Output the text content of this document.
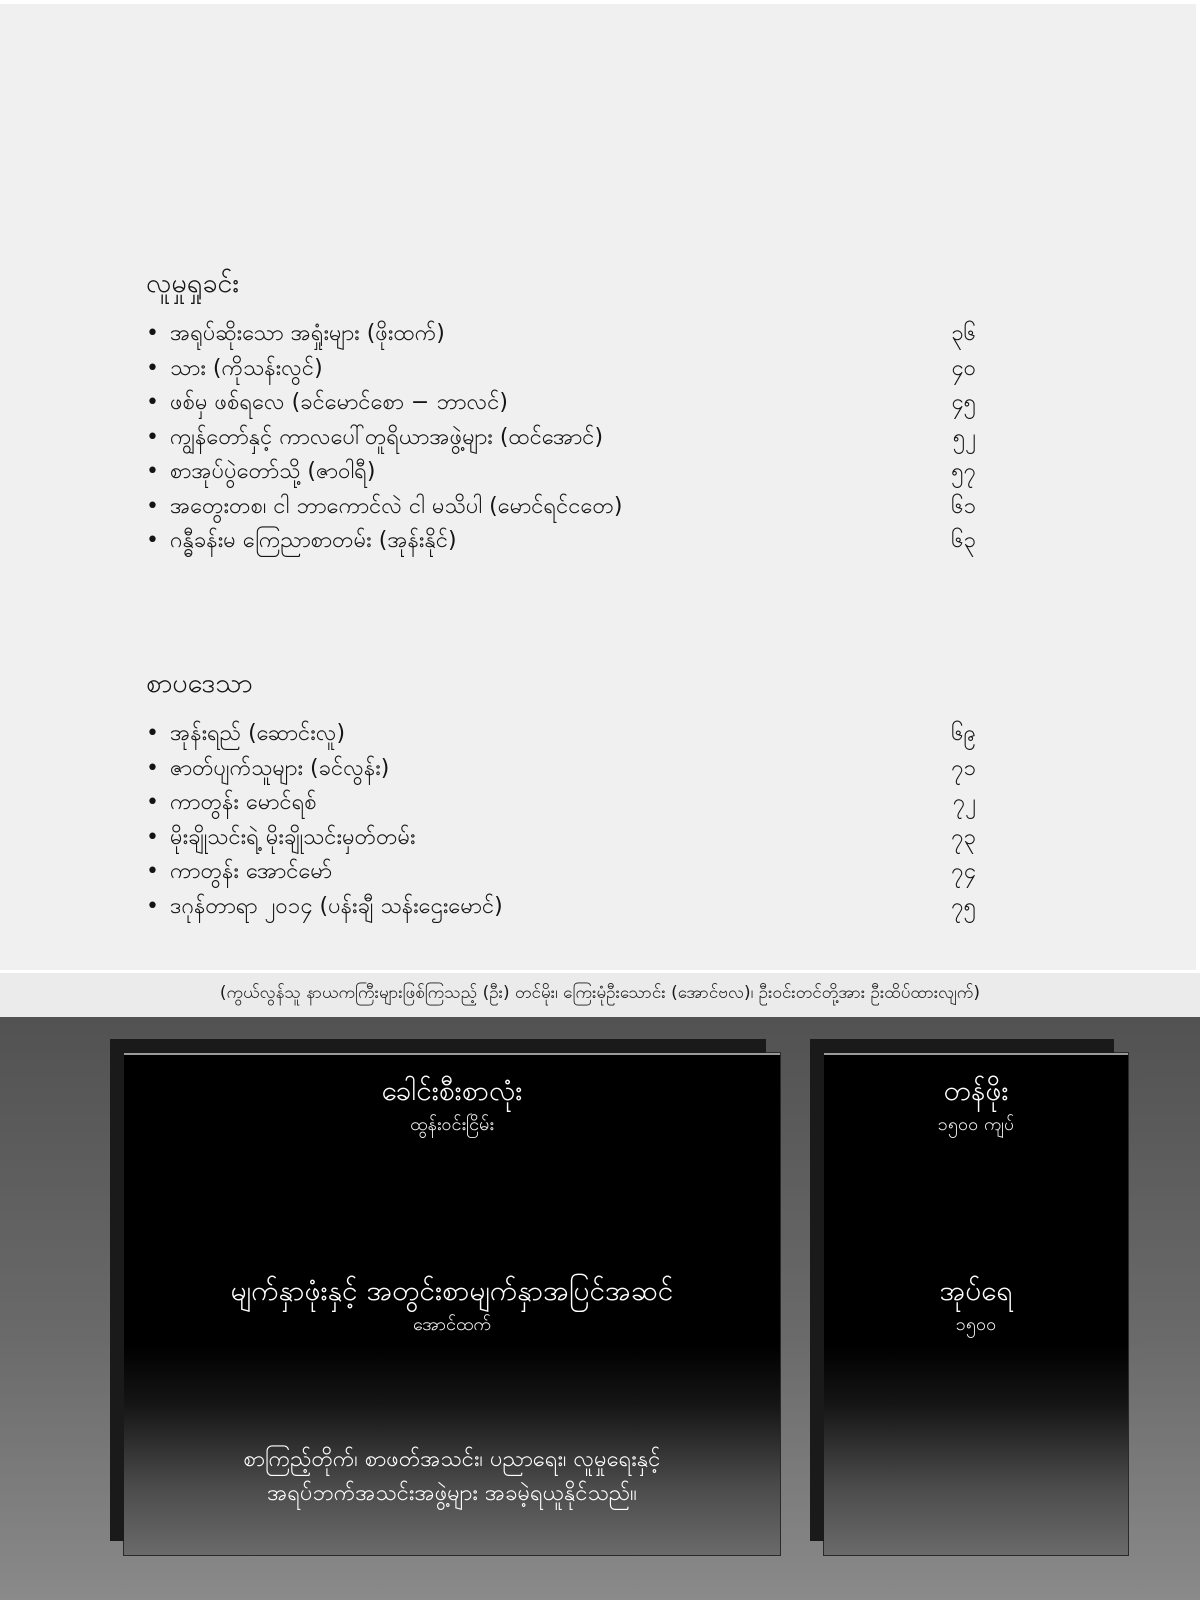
လူမှုရှုခင်း
• အရုပ်ဆိုးသော အရှုံးများ (ဖိုးထက်)	၃၆
• သား (ကိုသန်းလွင်)	၄၀
• ဖစ်မှ ဖစ်ရလေ (ခင်မောင်စော − ဘာလင်)	၄၅
• ကျွန်တော်နှင့် ကာလပေါ်တူရိယာအဖွဲ့များ (ထင်အောင်)	၅၂
• စာအုပ်ပွဲတော်သို့ (ဇာဝါရီ)	၅၇
• အတွေးတစ၊ ငါ ဘာကောင်လဲ ငါ မသိပါ (မောင်ရင်ငတေ)	၆၁
• ဂန္ဓီခန်းမ ကြေညာစာတမ်း (အုန်းနိုင်)	၆၃
စာပဒေသာ
• အုန်းရည် (ဆောင်းလူ)	၆၉
• ဇာတ်ပျက်သူများ (ခင်လွန်း)	၇၁
• ကာတွန်း မောင်ရစ်	၇၂
• မိုးချိုသင်းရဲ့ မိုးချိုသင်းမှတ်တမ်း	၇၃
• ကာတွန်း အောင်မော်	၇၄
• ဒဂုန်တာရာ ၂၀၁၄ (ပန်းချီ သန်းဌေးမောင်)	၇၅
(ကွယ်လွန်သူ နာယကကြီးများဖြစ်ကြသည့် (ဦး) တင်မိုး၊ ကြေးမုံဦးသောင်း (အောင်ဗလ)၊ ဦးဝင်းတင်တို့အား ဦးထိပ်ထားလျက်)
ခေါင်းစီးစာလုံး
ထွန်းဝင်းငြိမ်း
မျက်နှာဖုံးနှင့် အတွင်းစာမျက်နှာအပြင်အဆင်
အောင်ထက်
စာကြည့်တိုက်၊ စာဖတ်အသင်း၊ ပညာရေး၊ လူမှုရေးနှင့်
အရပ်ဘက်အသင်းအဖွဲ့များ အခမဲ့ရယူနိုင်သည်။
တန်ဖိုး
၁၅၀၀ ကျပ်
အုပ်ရေ
၁၅၀၀
